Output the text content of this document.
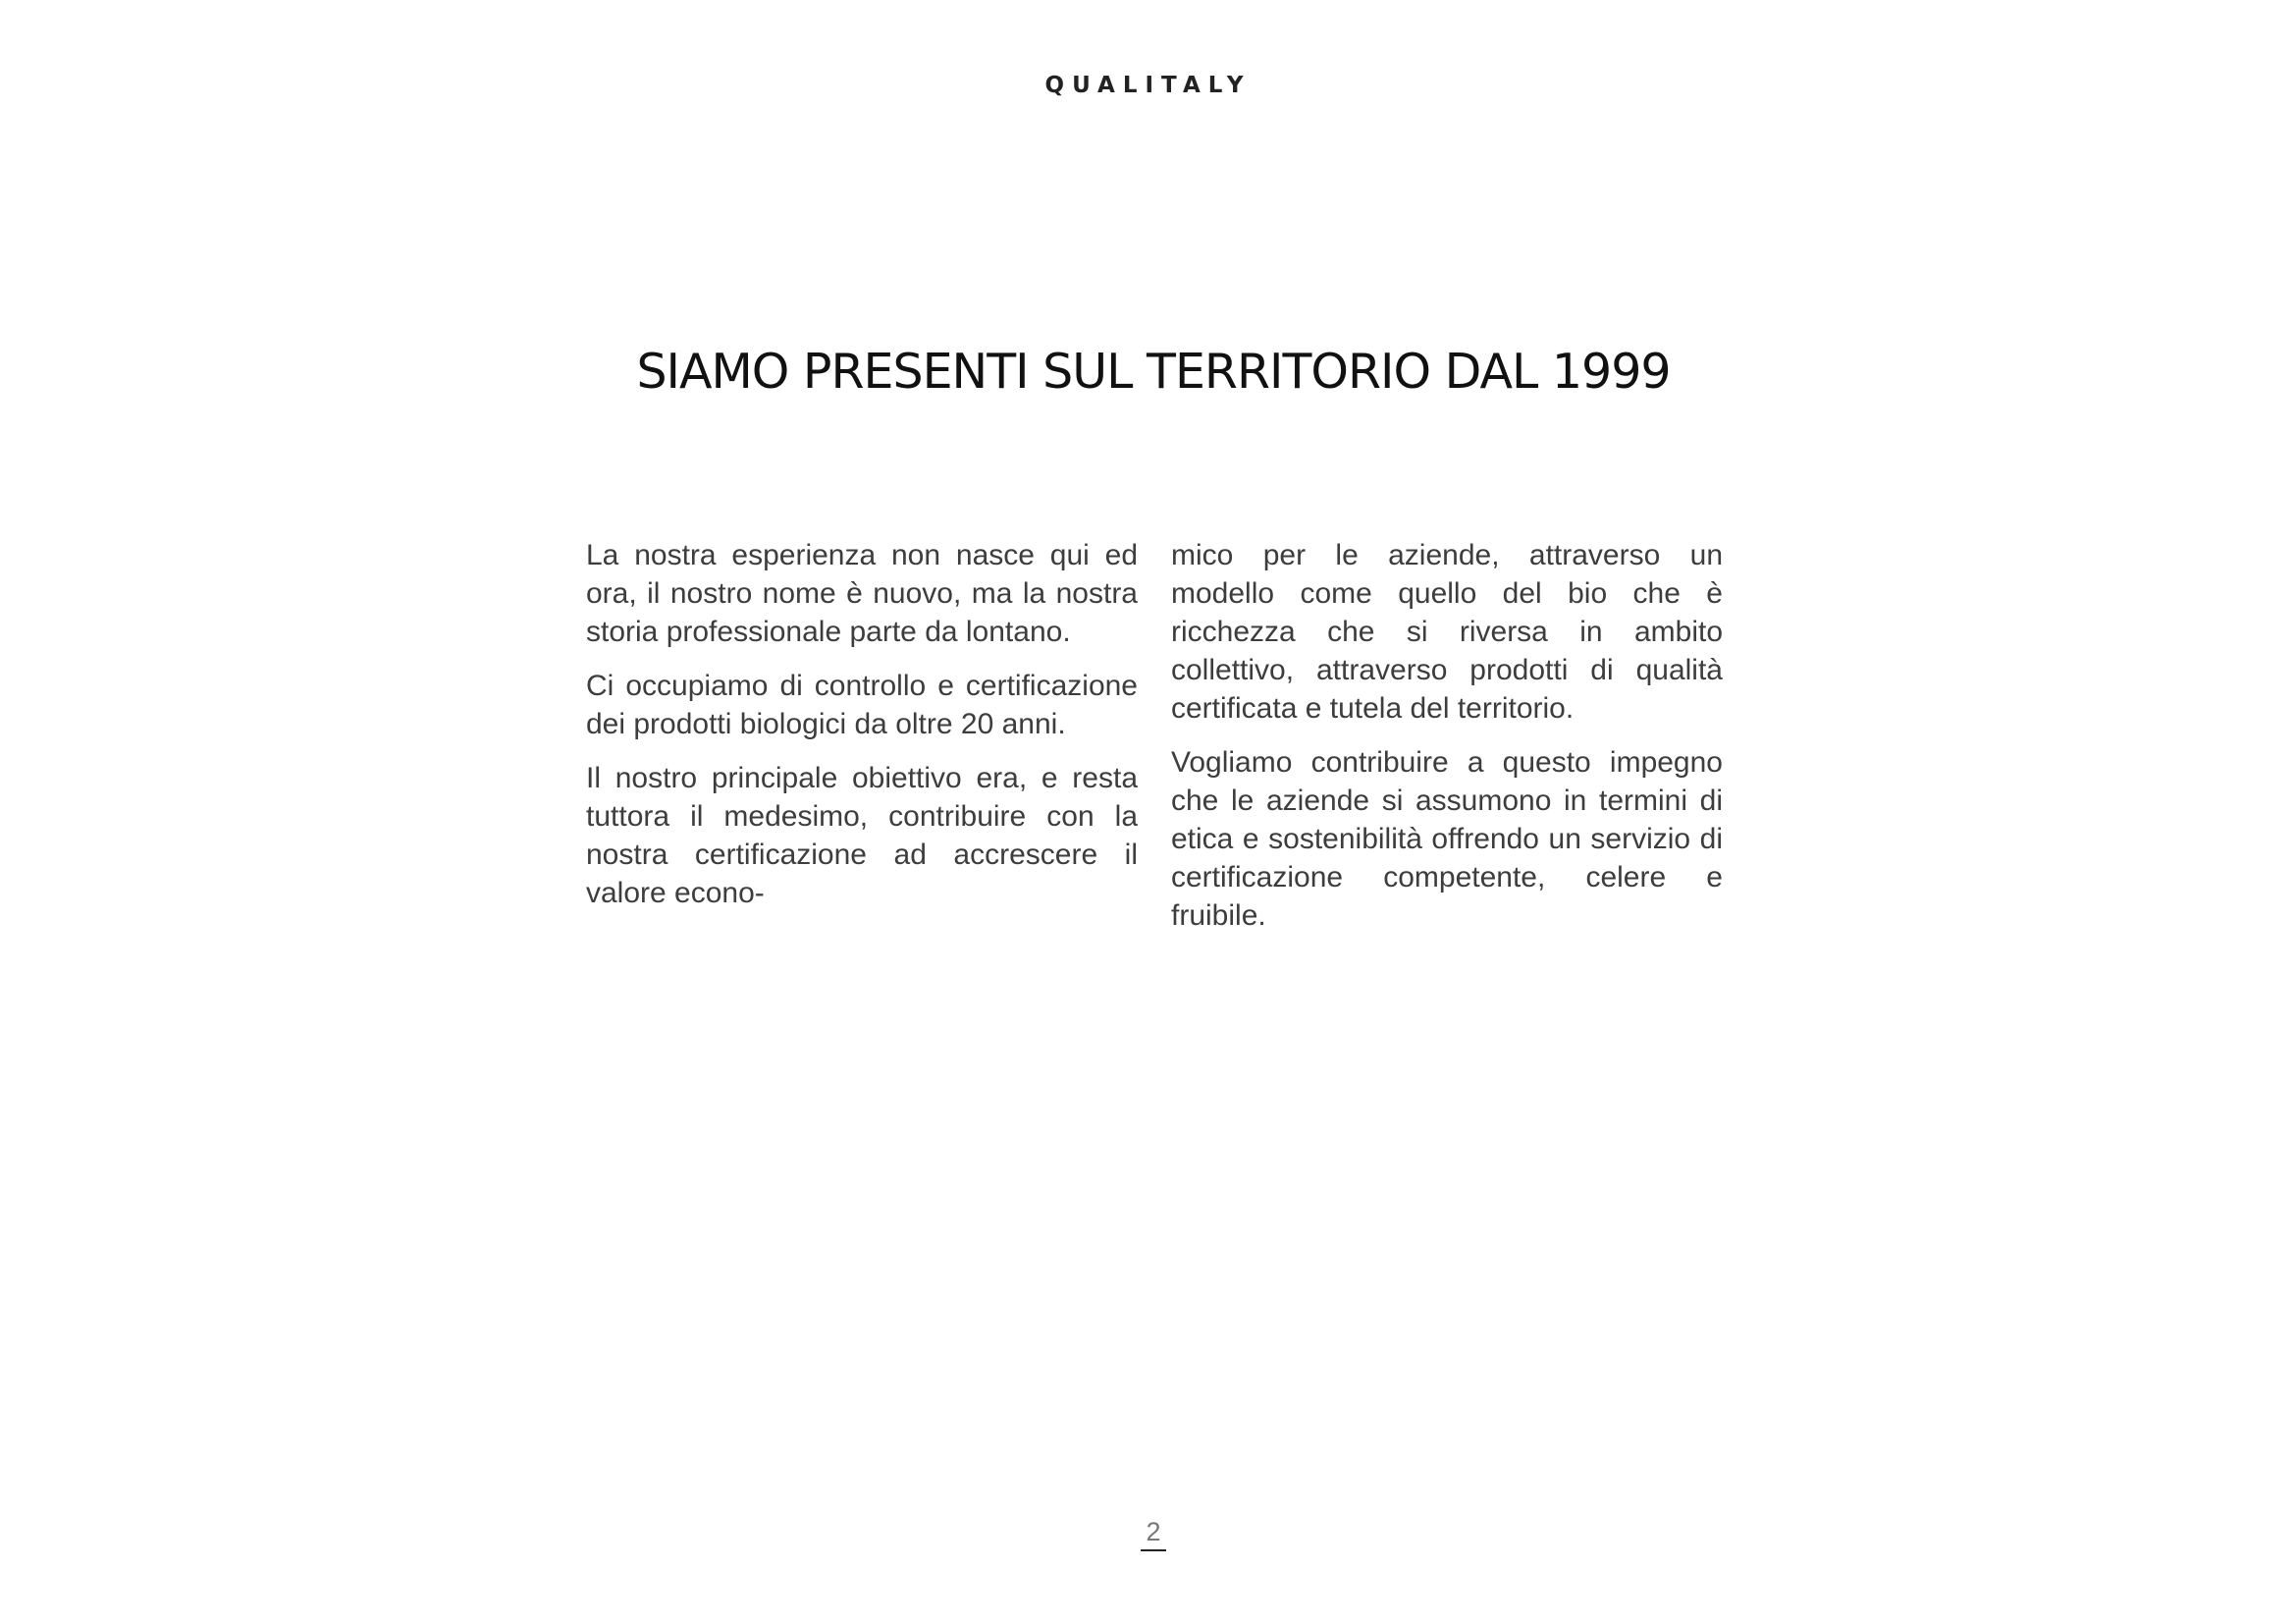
QUALITALY
SIAMO PRESENTI SUL TERRITORIO DAL 1999

La nostra esperienza non nasce qui ed ora, il nostro nome è nuovo, ma la nostra storia professionale parte da lontano.

Ci occupiamo di controllo e certificazione dei prodotti biologici da oltre 20 anni.

Il nostro principale obiettivo era, e resta tuttora il medesimo, contribuire con la nostra certificazione ad accrescere il valore econo-

mico per le aziende, attraverso un modello come quello del bio che è ricchezza che si riversa in ambito collettivo, attraverso prodotti di qualità certificata e tutela del territorio.

Vogliamo contribuire a questo impegno che le aziende si assumono in termini di etica e sostenibilità offrendo un servizio di certificazione competente, celere e fruibile.

2
